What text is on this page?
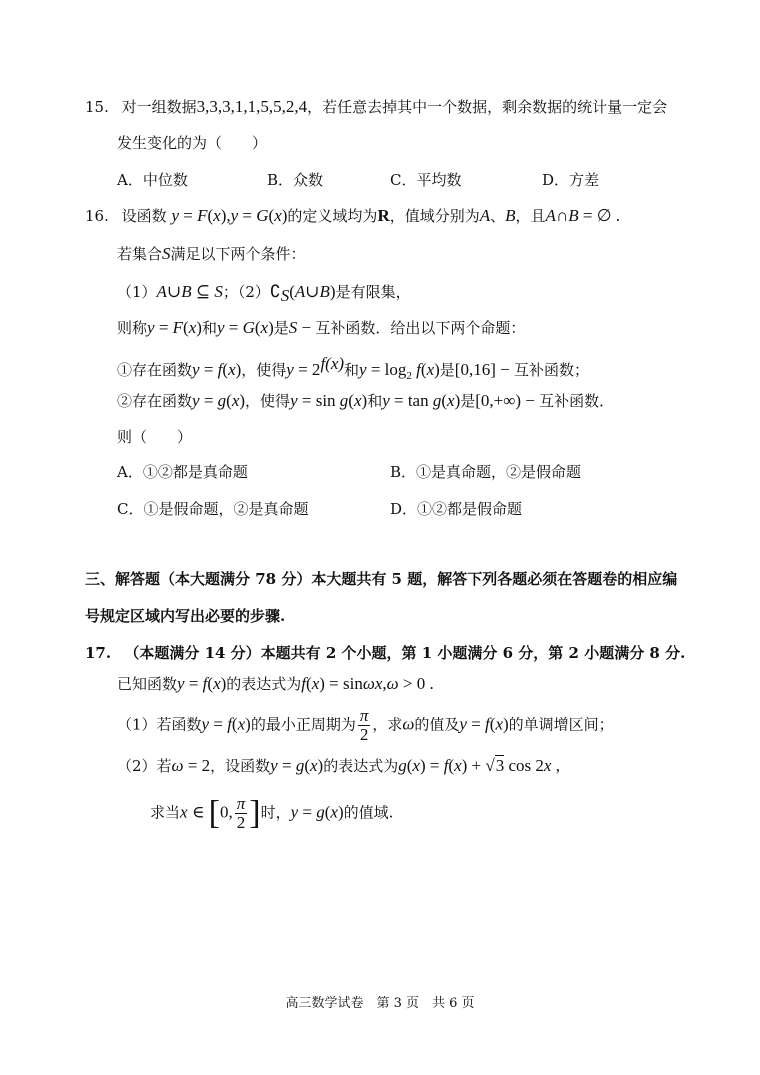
15. 对一组数据3,3,3,1,1,5,5,2,4，若任意去掉其中一个数据，剩余数据的统计量一定会
发生变化的为（　　）
A．中位数	B．众数	C．平均数	D．方差
16. 设函数 y = F(x),y = G(x)的定义域均为R，值域分别为A、B，且A∩B = ∅ .
若集合S满足以下两个条件：
（1）A∪B ⊆ S；$(2)∁_S(A\cup B)$是有限集，
则称y = F(x)和y = G(x)是S − 互补函数．给出以下两个命题：
①存在函数y = f(x)，使得$y = 2^{f(x)}$和$y = \log_2 f(x)$是[0,16] − 互补函数；
②存在函数y = g(x)，使得y = sin g(x)和y = tan g(x)是[0,+∞) − 互补函数．
则（　　）
A．①②都是真命题	B．①是真命题，②是假命题
C．①是假命题，②是真命题	D．①②都是假命题
三、解答题（本大题满分 78 分）本大题共有 5 题，解答下列各题必须在答题卷的相应编
号规定区域内写出必要的步骤.
17. （本题满分 14 分）本题共有 2 个小题，第 1 小题满分 6 分，第 2 小题满分 8 分.
已知函数y = f(x)的表达式为f(x) = sinωx,ω > 0 .
（1）若函数y = f(x)的最小正周期为 $\frac{\pi}{2}$ ，求ω的值及y = f(x)的单调增区间；
（2）若ω = 2，设函数y = g(x)的表达式为g(x) = f(x) + √3 cos 2x ,
求当x ∈ [0, $\frac{\pi}{2}$ ]时，y = g(x)的值域.
高三数学试卷　第 3 页　共 6 页
